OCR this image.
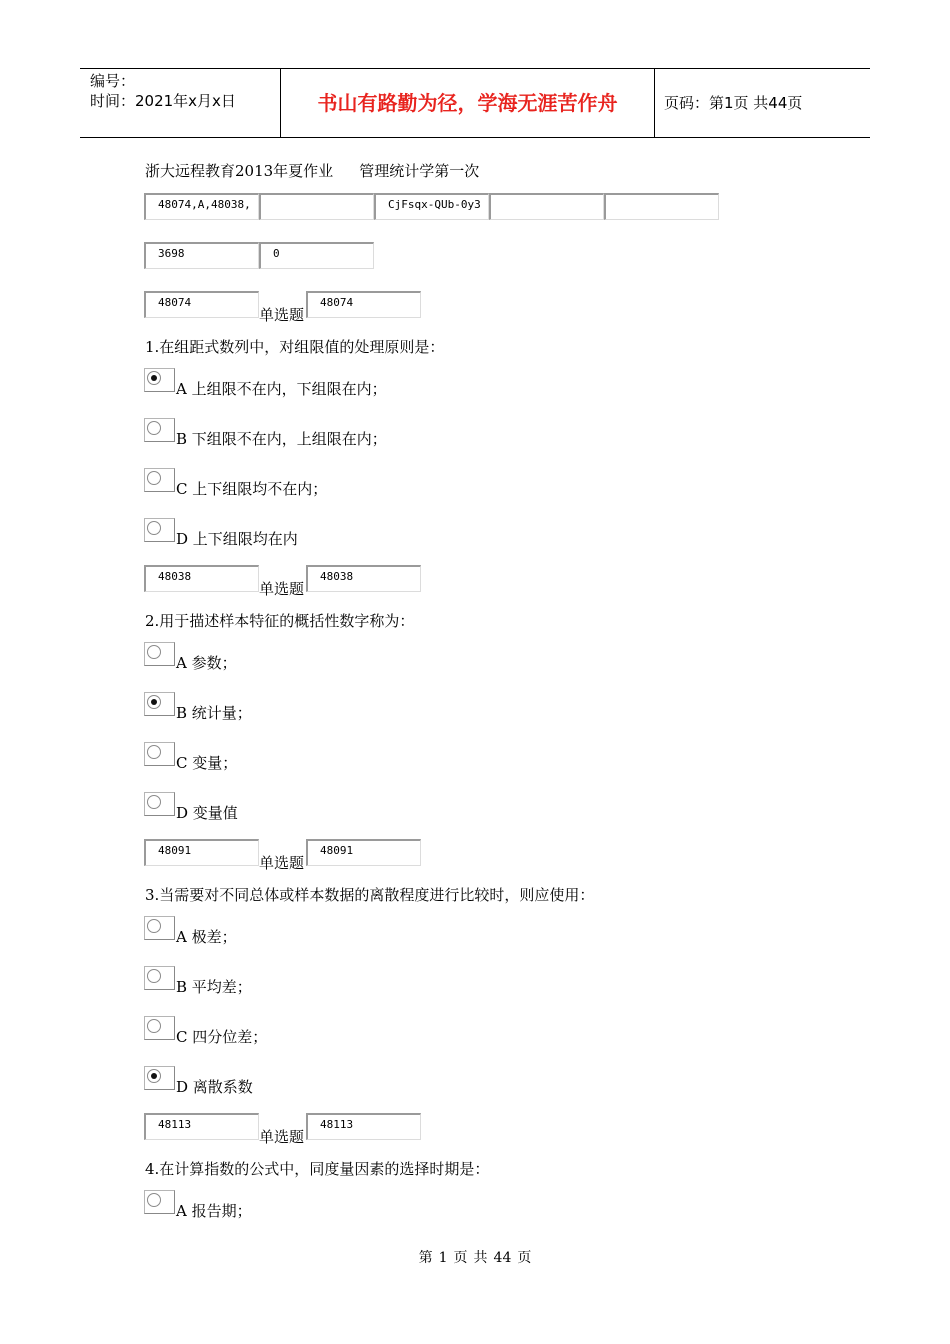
编号：
时间：2021年x月x日	书山有路勤为径，学海无涯苦作舟	页码：第1页 共44页
浙大远程教育2013年夏作业 管理统计学第一次
48074,A,48038,	CjFsqx-QUb-0y3
3698	0
48074
单选题
48074
1.在组距式数列中，对组限值的处理原则是：
A 上组限不在内，下组限在内；
B 下组限不在内，上组限在内；
C 上下组限均不在内；
D 上下组限均在内
48038
单选题
48038
2.用于描述样本特征的概括性数字称为：
A 参数；
B 统计量；
C 变量；
D 变量值
48091
单选题
48091
3.当需要对不同总体或样本数据的离散程度进行比较时，则应使用：
A 极差；
B 平均差；
C 四分位差；
D 离散系数
48113
单选题
48113
4.在计算指数的公式中，同度量因素的选择时期是：
A 报告期；
第 1 页 共 44 页
